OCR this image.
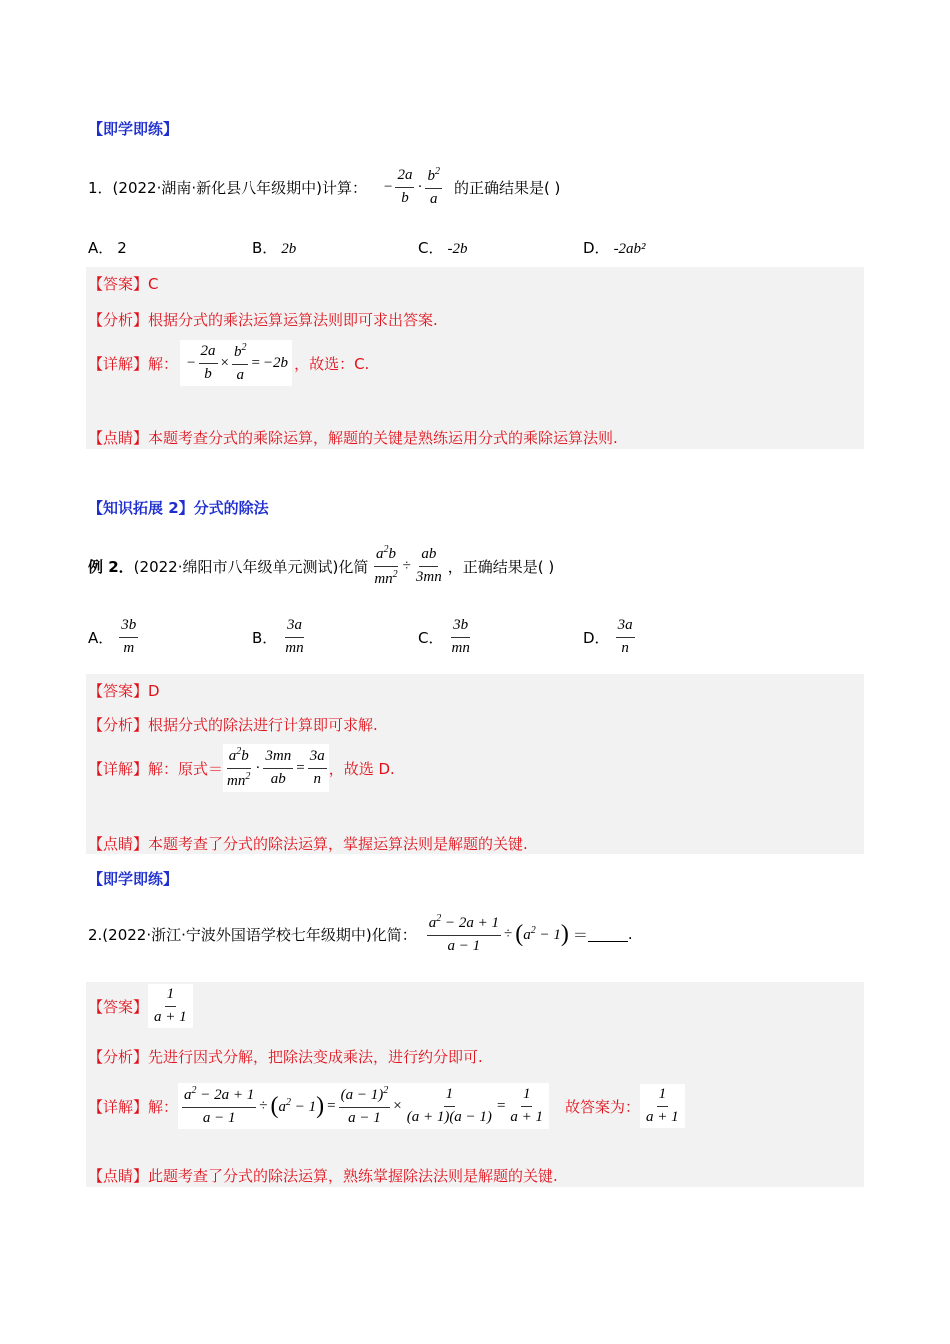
【即学即练】
1．(2022·湖南·新化县八年级期中)计算： − $\frac{2a}{b} \cdot \frac{b^2}{a}$ 的正确结果是( )
A． 2	B． 2b	C． -2b	D． -2ab²
【答案】C
【分析】根据分式的乘法运算运算法则即可求出答案.
【详解】 解： − $\frac{2a}{b} \times \frac{b^2}{a} = -2b$ ，故选：C.
【点睛】本题考查分式的乘除运算，解题的关键是熟练运用分式的乘除运算法则.
【知识拓展 2】分式的除法
例 2． (2022·绵阳市八年级单元测试)化简 $\frac{a^2b}{mn^2} \div \frac{ab}{3mn}$ ，正确结果是( )
A． $\frac{3b}{m}$	B． $\frac{3a}{mn}$	C． $\frac{3b}{mn}$	D． $\frac{3a}{n}$
【答案】D
【分析】根据分式的除法进行计算即可求解.
【详解】 解：原式＝ $\frac{a^2b}{mn^2} \cdot \frac{3mn}{ab} = \frac{3a}{n}$ ，故选 D.
【点睛】本题考查了分式的除法运算，掌握运算法则是解题的关键.
【即学即练】
2.(2022·浙江·宁波外国语学校七年级期中)化简： $\frac{a^2 - 2a + 1}{a - 1}$ ÷ ( $a^2 - 1$ ) ＝	.
【答案】 $\frac{1}{a + 1}$
【分析】先进行因式分解，把除法变成乘法，进行约分即可.
【详解】 解： $\frac{a^2 - 2a + 1}{a - 1}$ ÷ ( $a^2 - 1$ ) = $\frac{(a - 1)^2}{a - 1} \times \frac{1}{(a + 1)(a - 1)} = \frac{1}{a + 1}$ 故答案为： $\frac{1}{a + 1}$
【点睛】此题考查了分式的除法运算，熟练掌握除法法则是解题的关键.
